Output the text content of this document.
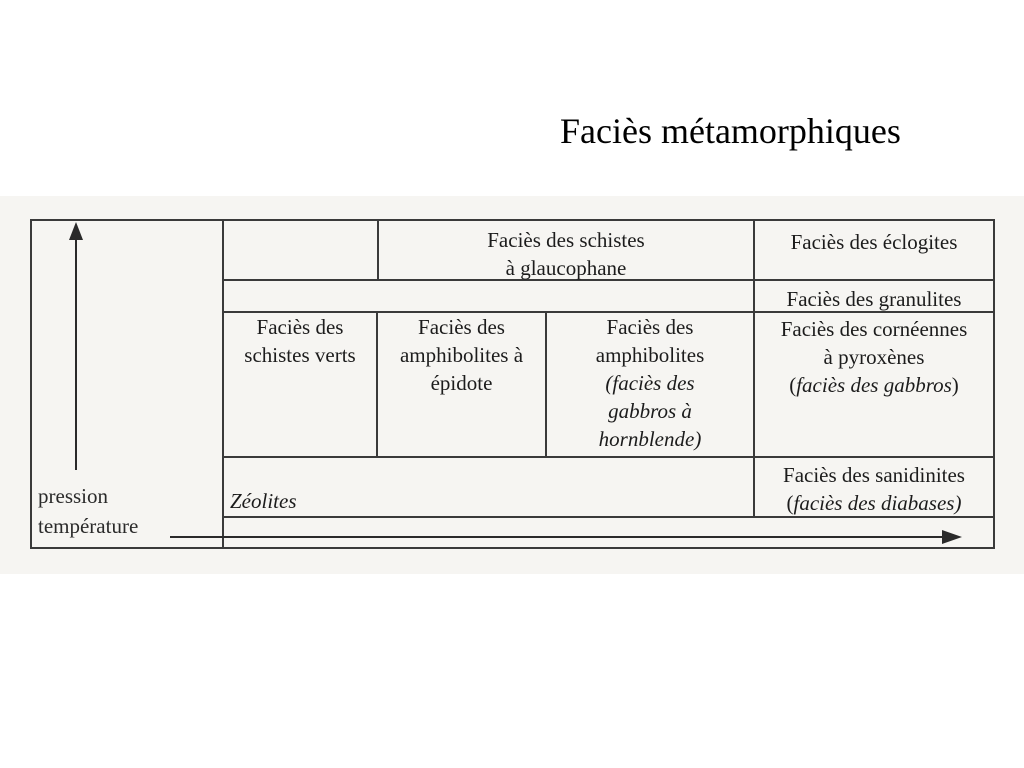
Faciès métamorphiques
Faciès des schistes
à glaucophane
Faciès des éclogites
Faciès des granulites
Faciès des
schistes verts
Faciès des
amphibolites à
épidote
Faciès des
amphibolites
(faciès des
gabbros à
hornblende)
Faciès des cornéennes
à pyroxènes
(faciès des gabbros)
Zéolites
Faciès des sanidinites
(faciès des diabases)
pression
température
